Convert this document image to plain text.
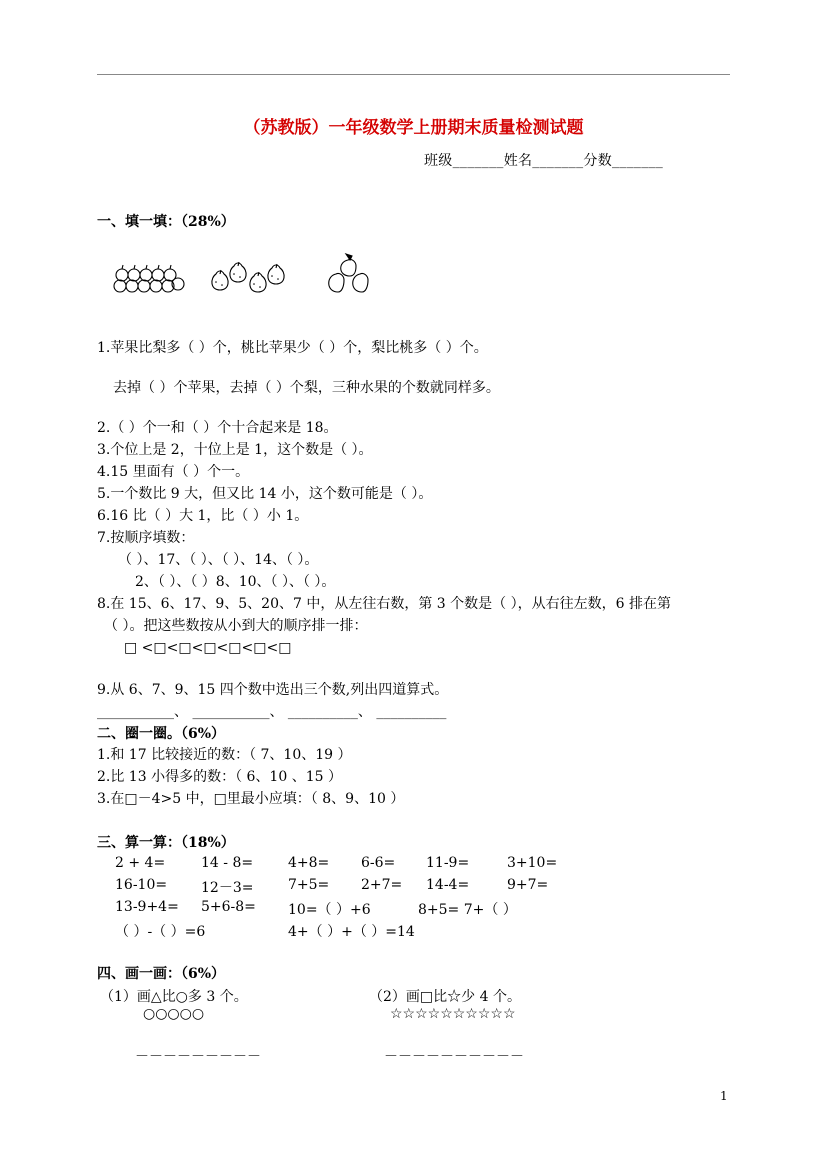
（苏教版）一年级数学上册期末质量检测试题
班级_______姓名_______分数_______
一、填一填：（28%）
1.苹果比梨多（ ）个，桃比苹果少（ ）个，梨比桃多（ ）个。
去掉（ ）个苹果，去掉（ ）个梨，三种水果的个数就同样多。
2.（ ）个一和（ ）个十合起来是 18。
3.个位上是 2，十位上是 1，这个数是（ ）。
4.15 里面有（ ）个一。
5.一个数比 9 大，但又比 14 小，这个数可能是（ ）。
6.16 比（ ）大 1，比（ ）小 1。
7.按顺序填数：
（ ）、17、（ ）、（ ）、14、（ ）。
2、（ ）、（ ）8、10、（ ）、（ ）。
8.在 15、6、17、9、5、20、7 中，从左往右数，第 3 个数是（ ），从右往左数，6 排在第
（ ）。把这些数按从小到大的顺序排一排：
□ <□<□<□<□<□<□
9.从 6、7、9、15 四个数中选出三个数,列出四道算式。
___________、 ___________、 __________、 __________
二、圈一圈。（6%）
1.和 17 比较接近的数：（ 7、10、19 ）
2.比 13 小得多的数：（ 6、10 、15 ）
3.在□－4>5 中，□里最小应填：（ 8、9、10 ）
三、算一算：（18%）
2 + 4=	14 - 8= 4+8= 6-6= 11-9=	3+10=
16-10= 12－3= 7+5= 2+7= 14-4=	9+7=
13-9+4= 5+6-8= 10=（ ）+6	8+5= 7+（ ）
（ ）-（ ）=6	4+（ ）+（ ）=14
四、画一画：（6%）
（1）画△比○多 3 个。	（2）画□比☆少 4 个。
○○○○○	☆☆☆☆☆☆☆☆☆☆
－－－－－－－－－	－－－－－－－－－－
1
